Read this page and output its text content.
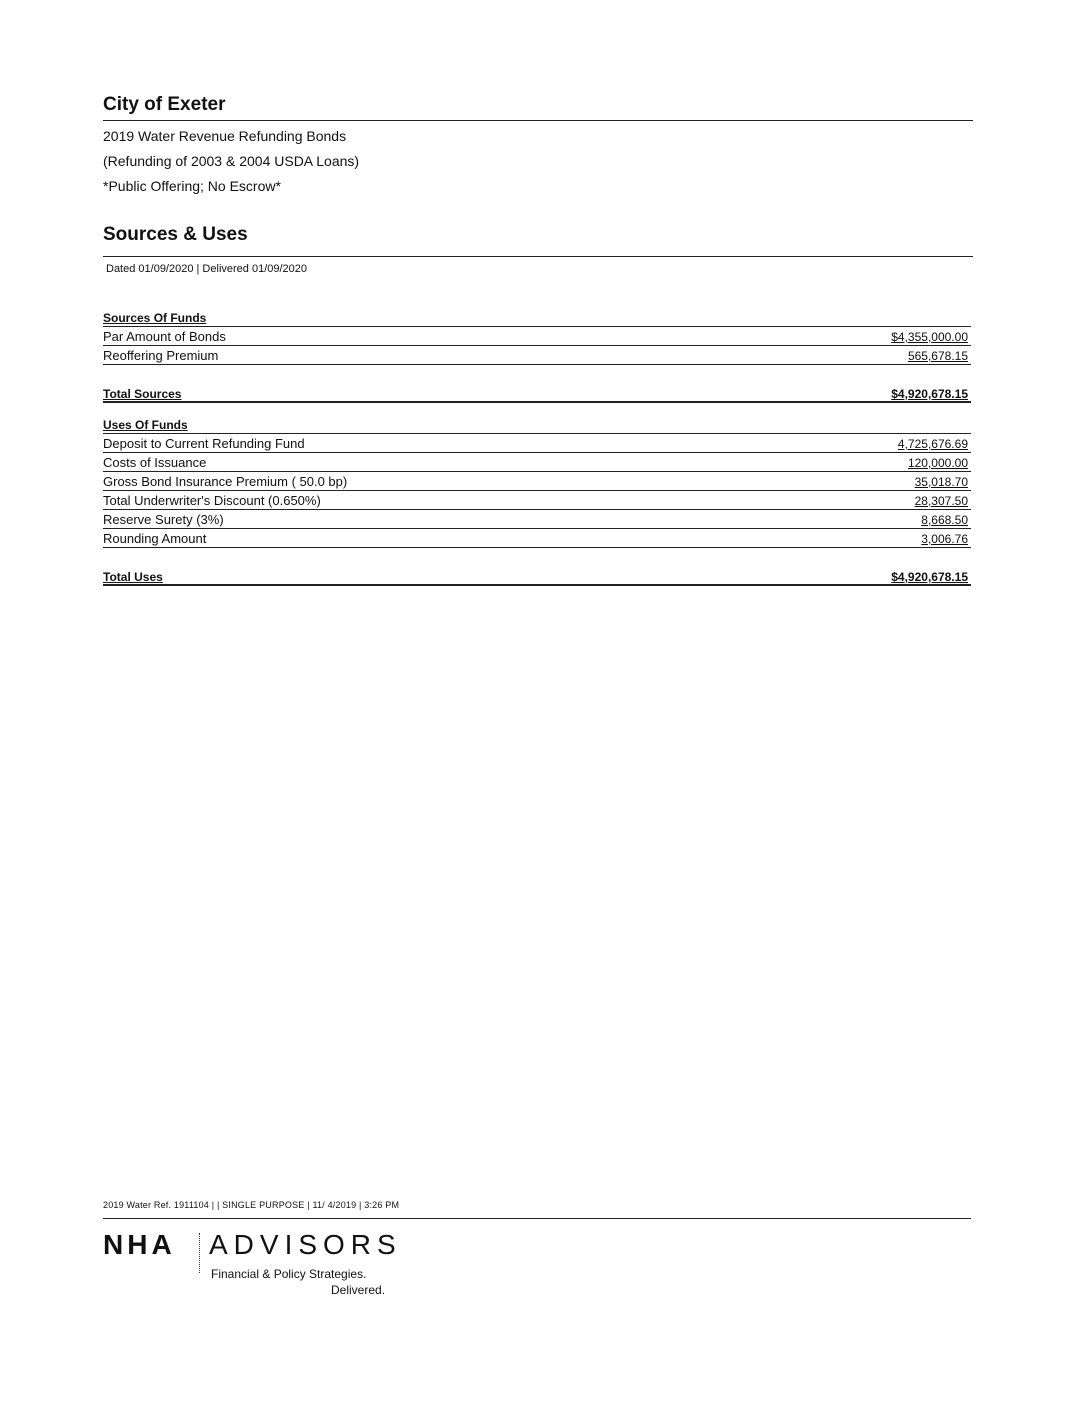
City of Exeter
2019 Water Revenue Refunding Bonds
(Refunding of 2003 & 2004 USDA Loans)
*Public Offering; No Escrow*
Sources & Uses
Dated 01/09/2020 | Delivered 01/09/2020
Sources Of Funds
Par Amount of Bonds	$4,355,000.00
Reoffering Premium	565,678.15
Total Sources	$4,920,678.15
Uses Of Funds
Deposit to Current Refunding Fund	4,725,676.69
Costs of Issuance	120,000.00
Gross Bond Insurance Premium ( 50.0 bp)	35,018.70
Total Underwriter's Discount (0.650%)	28,307.50
Reserve Surety (3%)	8,668.50
Rounding Amount	3,006.76
Total Uses	$4,920,678.15
2019 Water Ref. 1911104 | | SINGLE PURPOSE | 11/ 4/2019 | 3:26 PM
NHA ADVISORS
Financial & Policy Strategies.
Delivered.
